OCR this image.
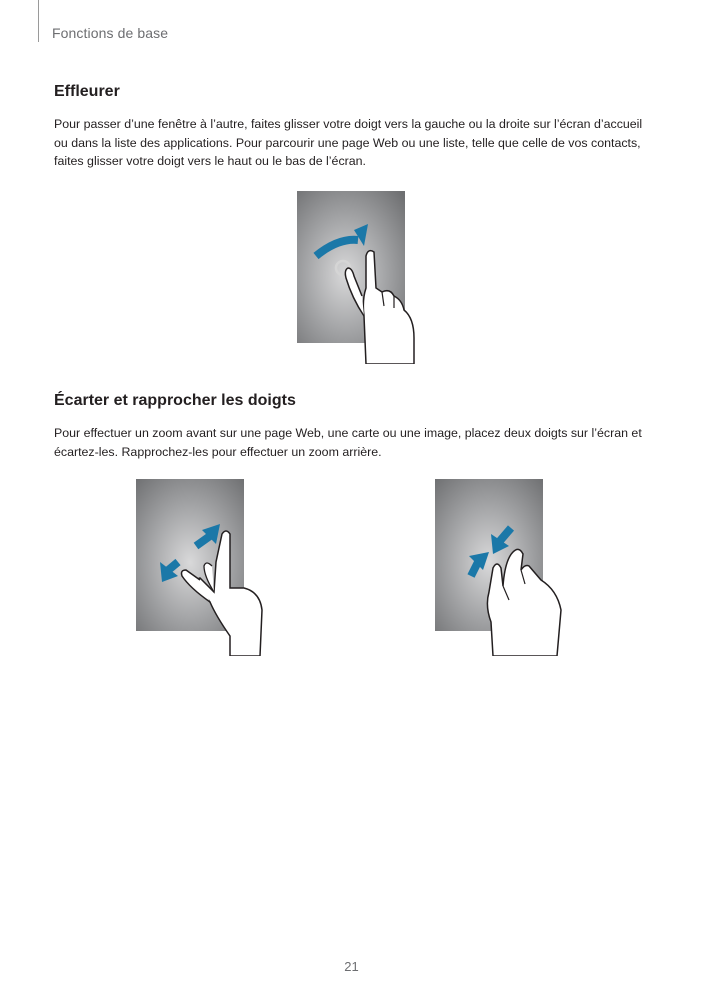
Fonctions de base
Effleurer

Pour passer d’une fenêtre à l’autre, faites glisser votre doigt vers la gauche ou la droite sur l’écran d’accueil ou dans la liste des applications. Pour parcourir une page Web ou une liste, telle que celle de vos contacts, faites glisser votre doigt vers le haut ou le bas de l’écran.

Écarter et rapprocher les doigts

Pour effectuer un zoom avant sur une page Web, une carte ou une image, placez deux doigts sur l’écran et écartez-les. Rapprochez-les pour effectuer un zoom arrière.

21
